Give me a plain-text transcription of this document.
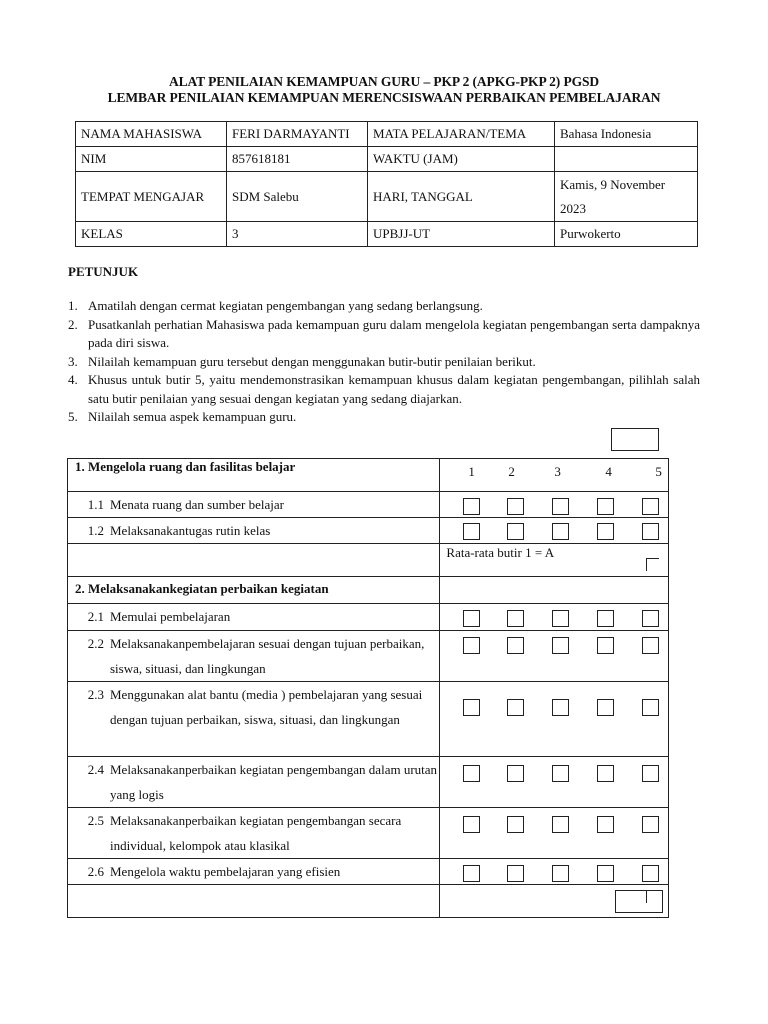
ALAT PENILAIAN KEMAMPUAN GURU – PKP 2 (APKG-PKP 2) PGSD
LEMBAR PENILAIAN KEMAMPUAN MERENCSISWAAN PERBAIKAN PEMBELAJARAN
NAMA MAHASISWA	FERI DARMAYANTI	MATA PELAJARAN/TEMA	Bahasa Indonesia
NIM	857618181	WAKTU (JAM)	
TEMPAT MENGAJAR	SDM Salebu	HARI, TANGGAL	Kamis, 9 November
2023

KELAS	3	UPBJJ-UT	Purwokerto
PETUNJUK
1. Amatilah dengan cermat kegiatan pengembangan yang sedang berlangsung.
2. Pusatkanlah perhatian Mahasiswa pada kemampuan guru dalam mengelola kegiatan pengembangan serta dampaknya pada diri siswa.
3. Nilailah kemampuan guru tersebut dengan menggunakan butir-butir penilaian berikut.
4. Khusus untuk butir 5, yaitu mendemonstrasikan kemampuan khusus dalam kegiatan pengembangan, pilihlah salah satu butir penilaian yang sesuai dengan kegiatan yang sedang diajarkan.
5. Nilailah semua aspek kemampuan guru.
1. Mengelola ruang dan fasilitas belajar	1 2 3 4 5

1.1 Menata ruang dan sumber belajar	

1.2 Melaksanakantugas rutin kelas	

	Rata-rata butir 1 = A

2. Melaksanakankegiatan perbaikan kegiatan	

2.1 Memulai pembelajaran	

2.2 Melaksanakanpembelajaran sesuai dengan tujuan perbaikan, siswa, situasi, dan lingkungan	

2.3 Menggunakan alat bantu (media ) pembelajaran yang sesuai dengan tujuan perbaikan, siswa, situasi, dan lingkungan	

2.4 Melaksanakanperbaikan kegiatan pengembangan dalam urutan yang logis	

2.5 Melaksanakanperbaikan kegiatan pengembangan secara individual, kelompok atau klasikal	

2.6 Mengelola waktu pembelajaran yang efisien	
